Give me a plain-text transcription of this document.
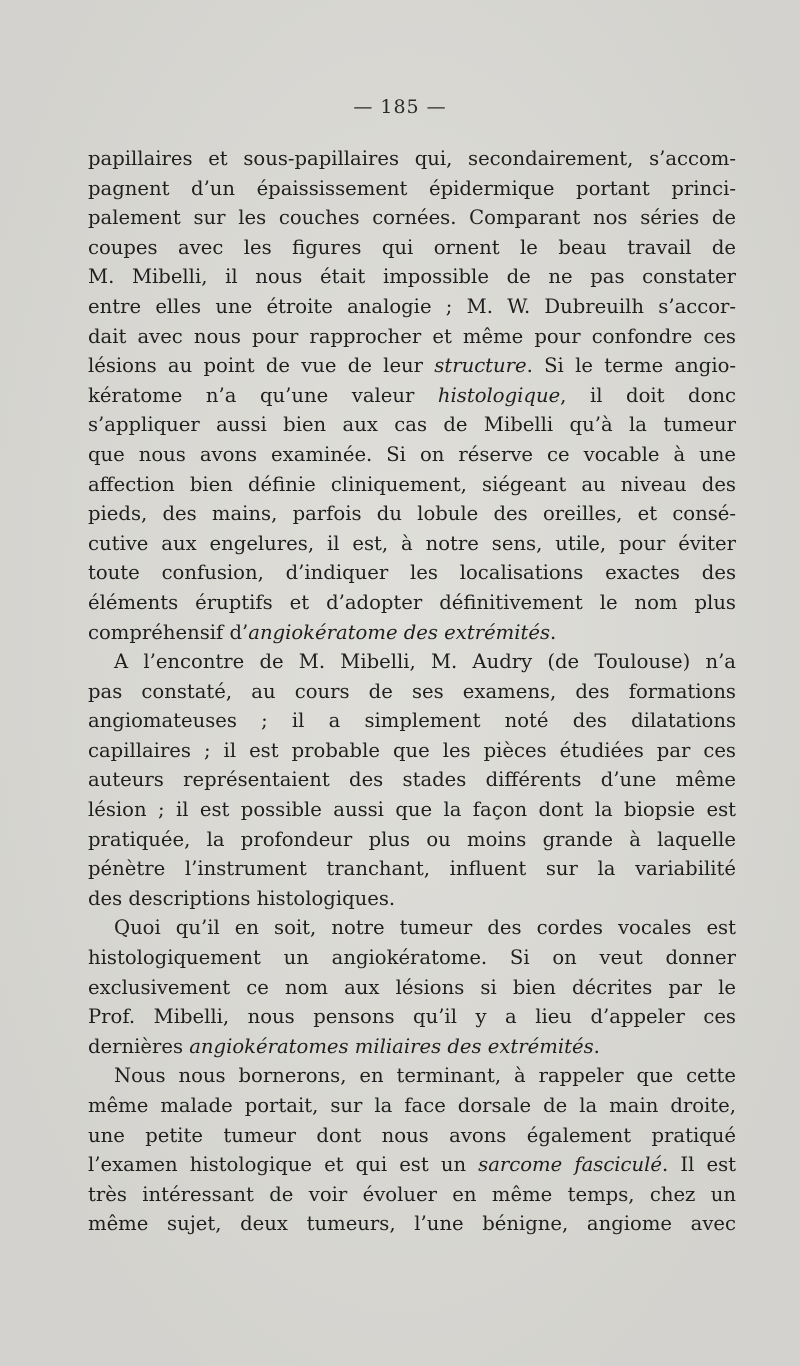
— 185 —
papillaires et sous-papillaires qui, secondairement, s’accom-
pagnent d’un épaississement épidermique portant princi-
palement sur les couches cornées. Comparant nos séries de
coupes avec les figures qui ornent le beau travail de
M. Mibelli, il nous était impossible de ne pas constater
entre elles une étroite analogie ; M. W. Dubreuilh s’accor-
dait avec nous pour rapprocher et même pour confondre ces
lésions au point de vue de leur structure. Si le terme angio-
kératome n’a qu’une valeur histologique, il doit donc
s’appliquer aussi bien aux cas de Mibelli qu’à la tumeur
que nous avons examinée. Si on réserve ce vocable à une
affection bien définie cliniquement, siégeant au niveau des
pieds, des mains, parfois du lobule des oreilles, et consé-
cutive aux engelures, il est, à notre sens, utile, pour éviter
toute confusion, d’indiquer les localisations exactes des
éléments éruptifs et d’adopter définitivement le nom plus
compréhensif d’angiokératome des extrémités.
A l’encontre de M. Mibelli, M. Audry (de Toulouse) n’a
pas constaté, au cours de ses examens, des formations
angiomateuses ; il a simplement noté des dilatations
capillaires ; il est probable que les pièces étudiées par ces
auteurs représentaient des stades différents d’une même
lésion ; il est possible aussi que la façon dont la biopsie est
pratiquée, la profondeur plus ou moins grande à laquelle
pénètre l’instrument tranchant, influent sur la variabilité
des descriptions histologiques.
Quoi qu’il en soit, notre tumeur des cordes vocales est
histologiquement un angiokératome. Si on veut donner
exclusivement ce nom aux lésions si bien décrites par le
Prof. Mibelli, nous pensons qu’il y a lieu d’appeler ces
dernières angiokératomes miliaires des extrémités.
Nous nous bornerons, en terminant, à rappeler que cette
même malade portait, sur la face dorsale de la main droite,
une petite tumeur dont nous avons également pratiqué
l’examen histologique et qui est un sarcome fasciculé. Il est
très intéressant de voir évoluer en même temps, chez un
même sujet, deux tumeurs, l’une bénigne, angiome avec
